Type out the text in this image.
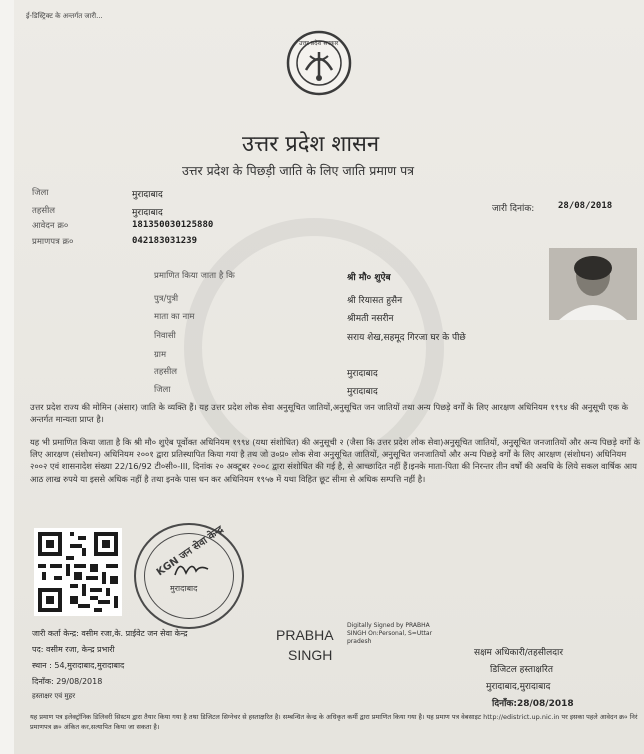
ई-डिस्ट्रिक्ट के अन्तर्गत जारी...
उत्तर प्रदेश सरकार
उत्तर प्रदेश शासन
उत्तर प्रदेश के पिछड़ी जाति के लिए जाति प्रमाण पत्र
जिला	मुरादाबाद
तहसील	मुरादाबाद
आवेदन क्र०	181350030125880
प्रमाणपत्र क्र०	042183031239
जारी दिनांक:	28/08/2018
प्रमाणित किया जाता है कि	श्री मौ० शुऐब
पुत्र/पुत्री	श्री रियासत हुसैन
माता का नाम	श्रीमती नसरीन
निवासी	सराय शेख,सहमूद गिरजा घर के पीछे
ग्राम
तहसील	मुरादाबाद
जिला	मुरादाबाद
उत्तर प्रदेश राज्य की मोमिन (अंसार) जाति के व्यक्ति हैं। यह उत्तर प्रदेश लोक सेवा अनुसूचित जातियों,अनुसूचित जन जातियों तथा अन्य पिछड़े वर्गों के लिए आरक्षण अधिनियम १९९४ की अनुसूची एक के अन्तर्गत मान्यता प्राप्त है।
यह भी प्रमाणित किया जाता है कि श्री मौ० शुऐब पूर्वोक्त अधिनियम १९९४ (यथा संशोधित) की अनुसूची २ (जैसा कि उत्तर प्रदेश लोक सेवा)अनुसूचित जातियों, अनुसूचित जनजातियों और अन्य पिछड़े वर्गों के लिए आरक्षण (संशोधन) अधिनियम २००१ द्वारा प्रतिस्थापित किया गया है तथ जो उ०प्र० लोक सेवा अनुसूचित जातियों, अनुसूचित जनजातियों और अन्य पिछड़े वर्गों के लिए आरक्षण (संशोधन) अधिनियम २००२ एवं शासनादेश संख्या 22/16/92 टी०सी०-III, दिनांक २० अक्टूबर २००८ द्वारा संशोधित की गई है, से आच्छादित नहीं हैं।इनके माता-पिता की निरन्तर तीन वर्षों की अवधि के लिये सकल वार्षिक आय आठ लाख रुपये या इससे अधिक नहीं है तथा इनके पास धन कर अधिनियम १९५७ में यथा विहित छूट सीमा से अधिक सम्पत्ति नहीं है।
KGN जन सेवा केन्द्र
मुरादाबाद
PRABHA
SINGH
Digitally Signed by PRABHA SINGH On:Personal, S=Uttar pradesh
जारी कर्ता केन्द्र: वसीम रजा,के. प्राईवेट जन सेवा केन्द्र
पद: वसीम रजा, केन्द्र प्रभारी
स्थान : 54,मुरादाबाद,मुरादाबाद
दिनाँक: 29/08/2018
हस्ताक्षर एवं मुहर
सक्षम अधिकारी/तहसीलदार
डिजिटल हस्ताक्षरित
मुरादाबाद,मुरादाबाद
दिनाँक:28/08/2018
यह प्रमाण पत्र इलेक्ट्रॉनिक डिलिवरी सिस्टम द्वारा तैयार किया गया है तथा डिजिटल सिग्नेचर से हस्ताक्षरित है। सम्बन्धित केन्द्र के अधिकृत कर्मी द्वारा प्रमाणित किया गया है। यह प्रमाण पत्र वेबसाइट http://edistrict.up.nic.in पर इसका पहले आवेदन क्र० निरं प्रमाणपत्र क्र० अंकित कर,सत्यापित किया जा सकता है।
